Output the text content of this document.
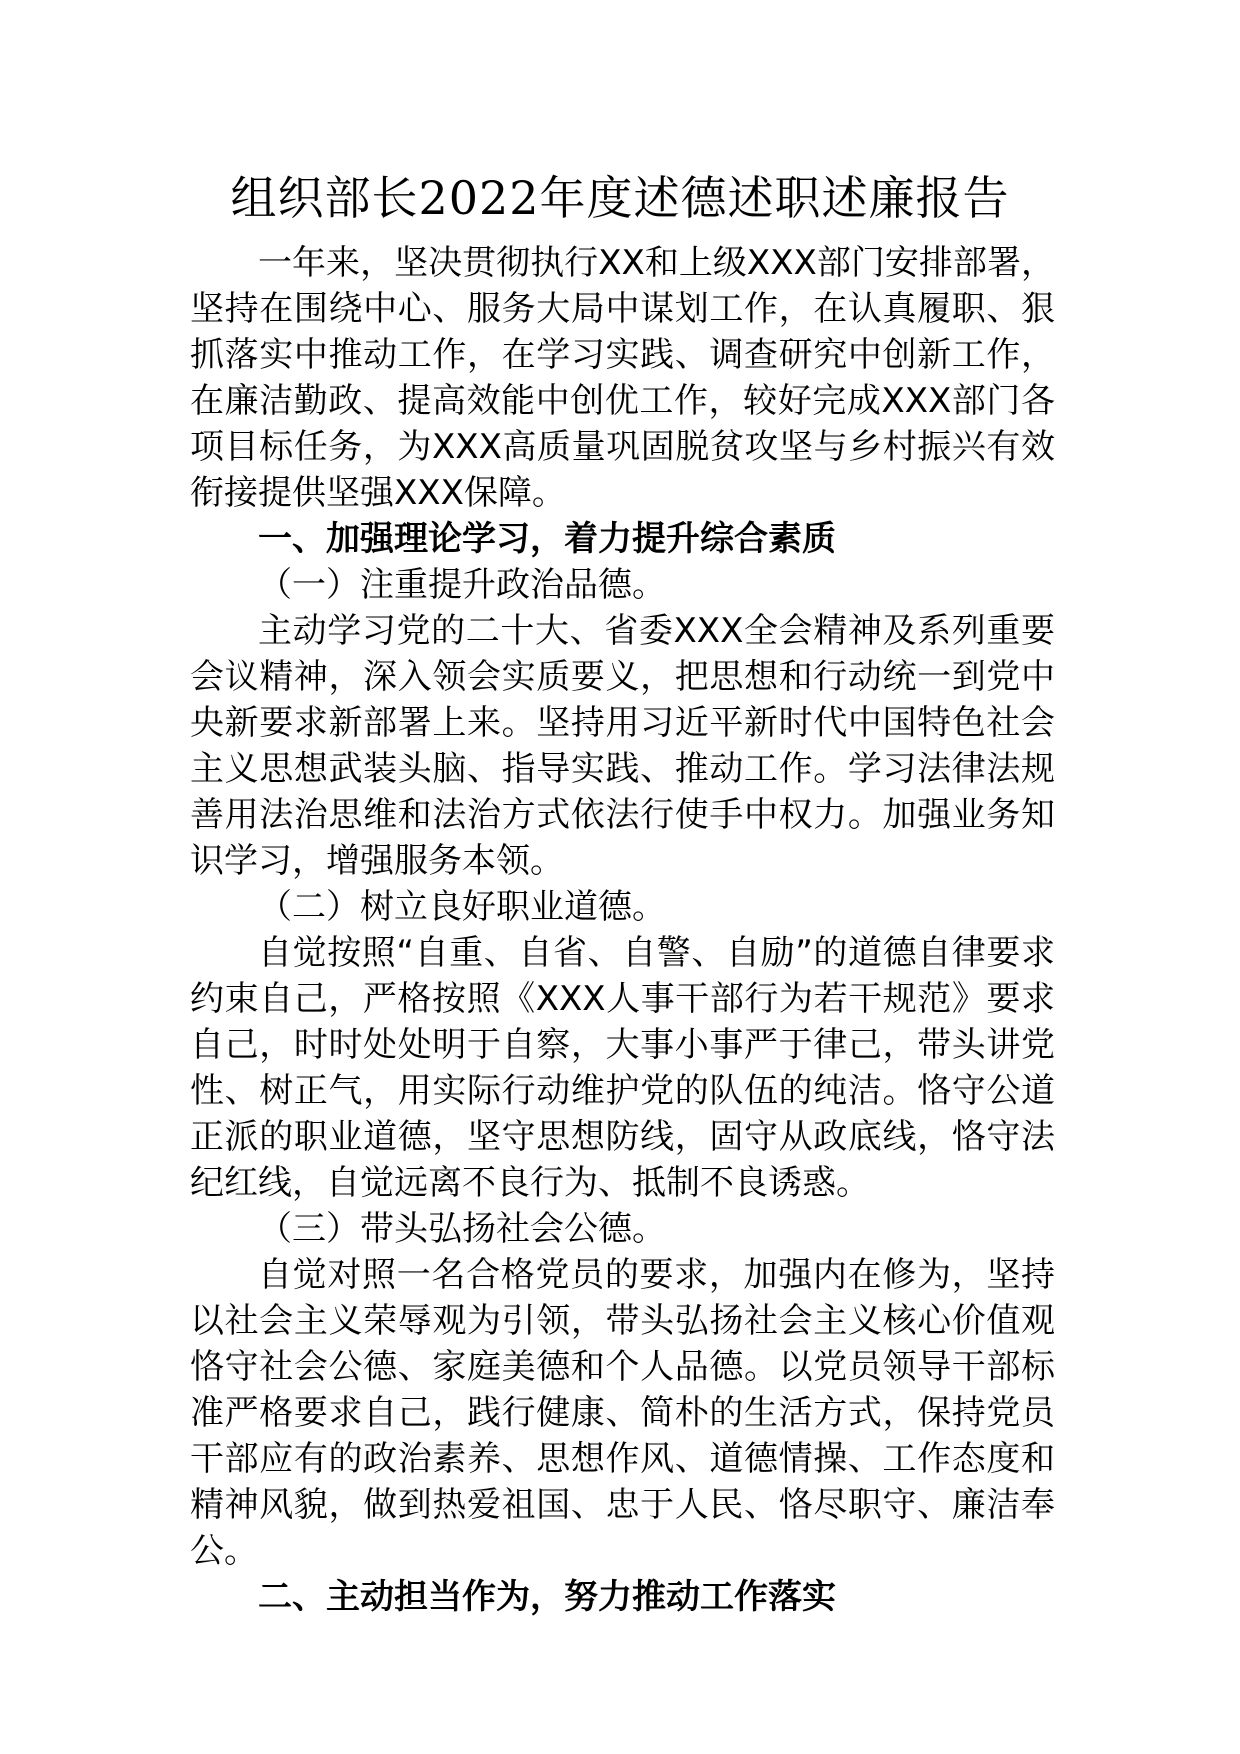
组织部长2022年度述德述职述廉报告

一年来，坚决贯彻执行XX和上级XXX部门安排部署，坚持在围绕中心、服务大局中谋划工作，在认真履职、狠抓落实中推动工作，在学习实践、调查研究中创新工作，在廉洁勤政、提高效能中创优工作，较好完成XXX部门各项目标任务，为XXX高质量巩固脱贫攻坚与乡村振兴有效衔接提供坚强XXX保障。

一、加强理论学习，着力提升综合素质

（一）注重提升政治品德。

主动学习党的二十大、省委XXX全会精神及系列重要会议精神，深入领会实质要义，把思想和行动统一到党中央新要求新部署上来。坚持用习近平新时代中国特色社会主义思想武装头脑、指导实践、推动工作。学习法律法规善用法治思维和法治方式依法行使手中权力。加强业务知识学习，增强服务本领。

（二）树立良好职业道德。

自觉按照“自重、自省、自警、自励”的道德自律要求约束自己，严格按照《XXX人事干部行为若干规范》要求自己，时时处处明于自察，大事小事严于律己，带头讲党性、树正气，用实际行动维护党的队伍的纯洁。恪守公道正派的职业道德，坚守思想防线，固守从政底线，恪守法纪红线，自觉远离不良行为、抵制不良诱惑。

（三）带头弘扬社会公德。

自觉对照一名合格党员的要求，加强内在修为，坚持以社会主义荣辱观为引领，带头弘扬社会主义核心价值观恪守社会公德、家庭美德和个人品德。以党员领导干部标准严格要求自己，践行健康、简朴的生活方式，保持党员干部应有的政治素养、思想作风、道德情操、工作态度和精神风貌，做到热爱祖国、忠于人民、恪尽职守、廉洁奉公。

二、主动担当作为，努力推动工作落实
